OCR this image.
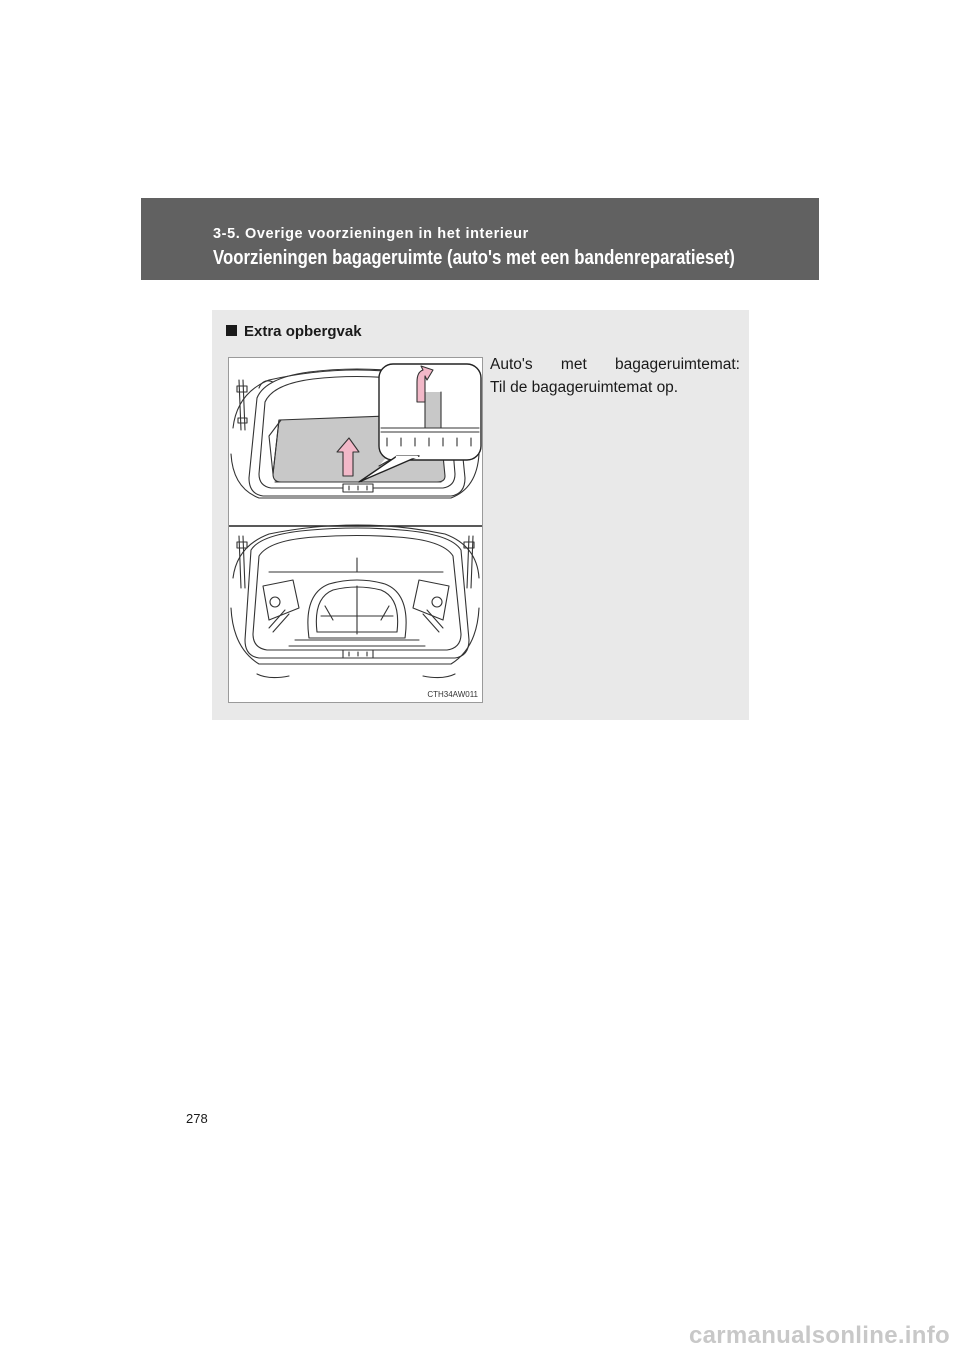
3-5. Overige voorzieningen in het interieur
Voorzieningen bagageruimte (auto's met een bandenreparatieset)
Extra opbergvak
CTH34AW011

Auto's met bagageruimtemat:

Til de bagageruimtemat op.

278
carmanualsonline.info
